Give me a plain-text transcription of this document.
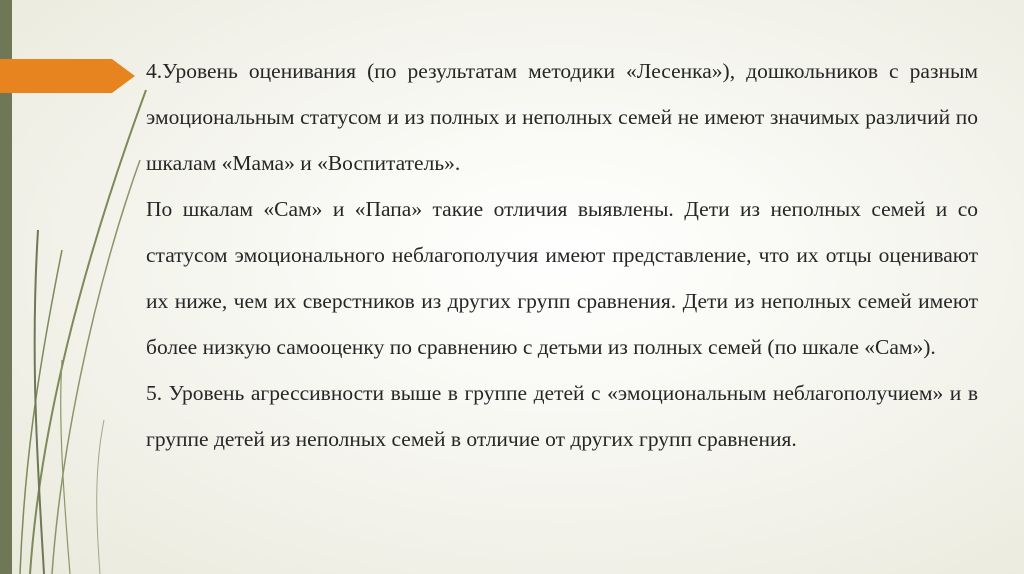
4.Уровень оценивания (по результатам методики «Лесенка»), дошкольников с разным эмоциональным статусом и из полных и неполных семей не имеют значимых различий по шкалам «Мама» и «Воспитатель».

По шкалам «Сам» и «Папа» такие отличия выявлены. Дети из неполных семей и со статусом эмоционального неблагополучия имеют представление, что их отцы оценивают их ниже, чем их сверстников из других групп сравнения. Дети из неполных семей имеют более низкую самооценку по сравнению с детьми из полных семей (по шкале «Сам»).

5. Уровень агрессивности выше в группе детей с «эмоциональным неблагополучием» и в группе детей из неполных семей в отличие от других групп сравнения.
